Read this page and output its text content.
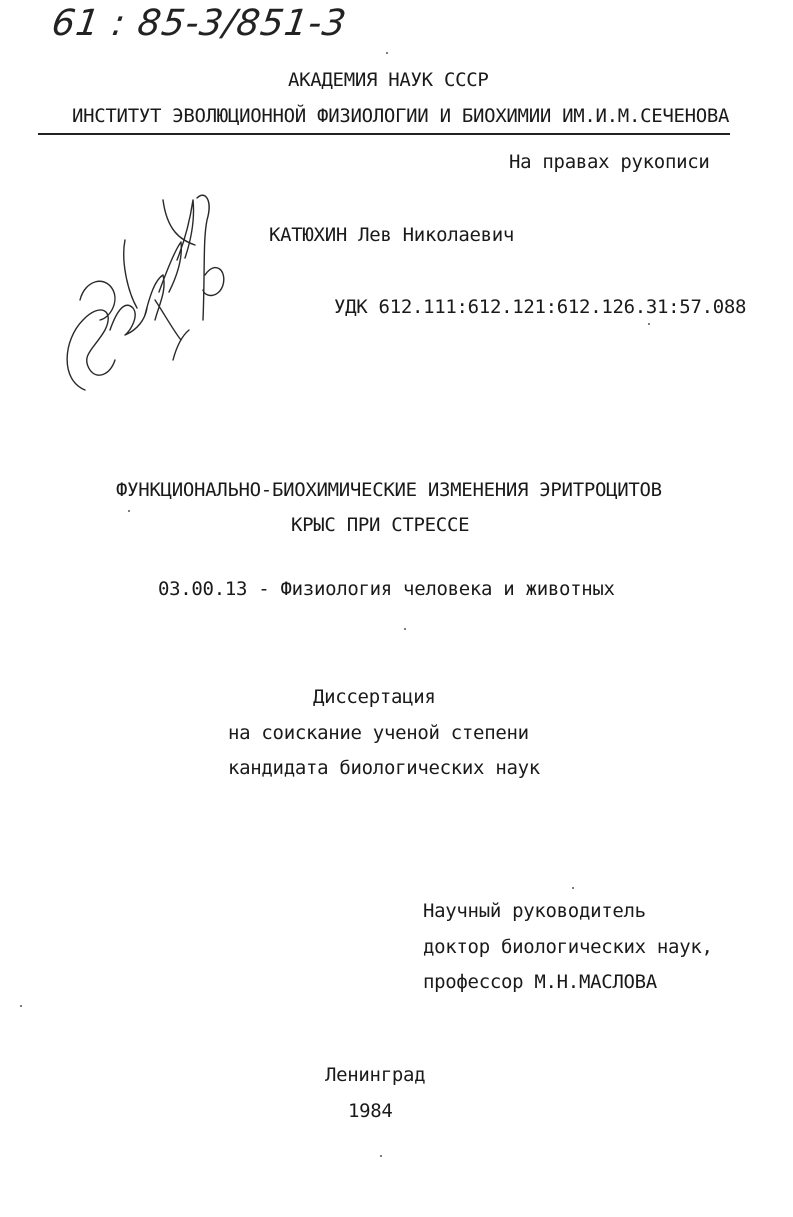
61 : 85-3/851-3
АКАДЕМИЯ НАУК СССР
ИНСТИТУТ ЭВОЛЮЦИОННОЙ ФИЗИОЛОГИИ И БИОХИМИИ ИМ.И.М.СЕЧЕНОВА
На правах рукописи
КАТЮХИН Лев Николаевич
УДК 612.111:612.121:612.126.31:57.088
ФУНКЦИОНАЛЬНО-БИОХИМИЧЕСКИЕ ИЗМЕНЕНИЯ ЭРИТРОЦИТОВ
КРЫС ПРИ СТРЕССЕ
03.00.13 - Физиология человека и животных
Диссертация
на соискание ученой степени
кандидата биологических наук
Научный руководитель
доктор биологических наук,
профессор М.Н.МАСЛОВА
Ленинград
1984
